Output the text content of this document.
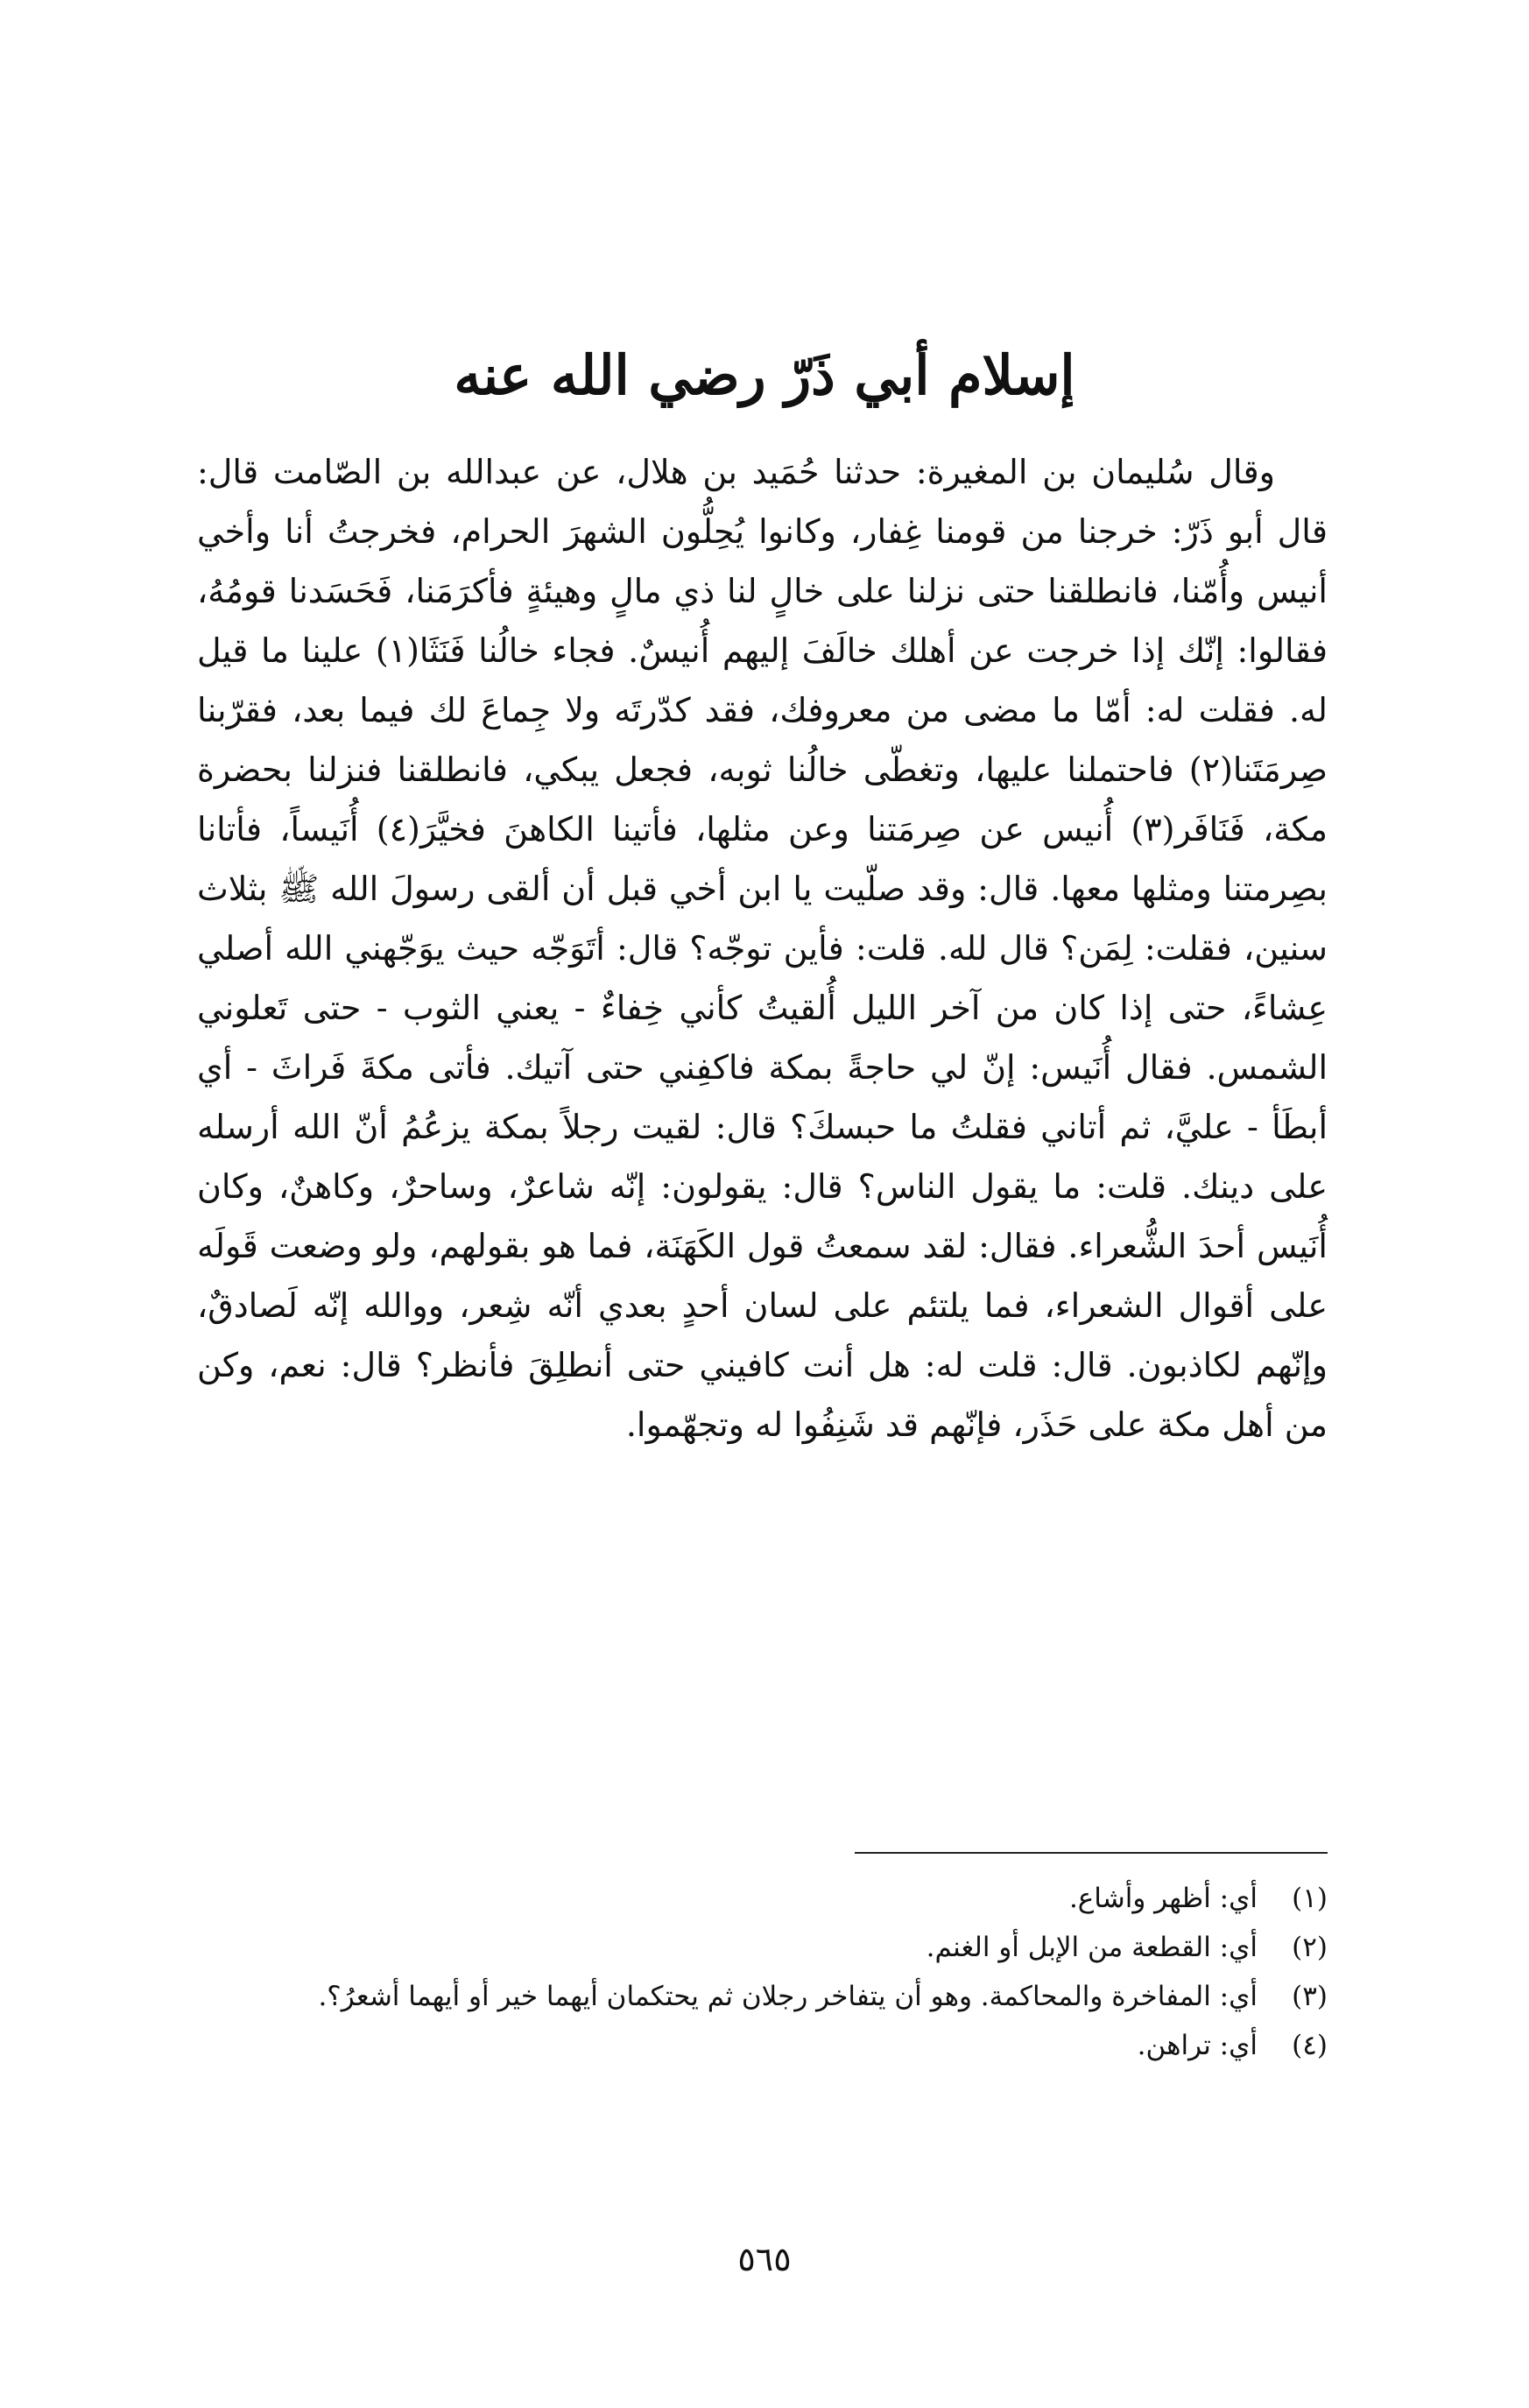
إسلام أبي ذَرّ رضي الله عنه

وقال سُليمان بن المغيرة: حدثنا حُمَيد بن هلال، عن عبدالله بن الصّامت قال: قال أبو ذَرّ: خرجنا من قومنا غِفار، وكانوا يُحِلُّون الشهرَ الحرام، فخرجتُ أنا وأخي أنيس وأُمّنا، فانطلقنا حتى نزلنا على خالٍ لنا ذي مالٍ وهيئةٍ فأكرَمَنا، فَحَسَدنا قومُهُ، فقالوا: إنّك إذا خرجت عن أهلك خالَفَ إليهم أُنيسٌ. فجاء خالُنا فَنَثَا(١) علينا ما قيل له. فقلت له: أمّا ما مضى من معروفك، فقد كدّرتَه ولا جِماعَ لك فيما بعد، فقرّبنا صِرمَتَنا(٢) فاحتملنا عليها، وتغطّى خالُنا ثوبه، فجعل يبكي، فانطلقنا فنزلنا بحضرة مكة، فَنَافَر(٣) أُنيس عن صِرمَتنا وعن مثلها، فأتينا الكاهنَ فخيَّرَ(٤) أُنَيساً، فأتانا بصِرمتنا ومثلها معها. قال: وقد صلّيت يا ابن أخي قبل أن ألقى رسولَ الله ﷺ بثلاث سنين، فقلت: لِمَن؟ قال لله. قلت: فأين توجّه؟ قال: أتَوَجّه حيث يوَجّهني الله أصلي عِشاءً، حتى إذا كان من آخر الليل أُلقيتُ كأني خِفاءٌ - يعني الثوب - حتى تَعلوني الشمس. فقال أُنَيس: إنّ لي حاجةً بمكة فاكفِني حتى آتيك. فأتى مكةَ فَراثَ - أي أبطَأ - عليَّ، ثم أتاني فقلتُ ما حبسكَ؟ قال: لقيت رجلاً بمكة يزعُمُ أنّ الله أرسله على دينك. قلت: ما يقول الناس؟ قال: يقولون: إنّه شاعرٌ، وساحرٌ، وكاهنٌ، وكان أُنَيس أحدَ الشُّعراء. فقال: لقد سمعتُ قول الكَهَنَة، فما هو بقولهم، ولو وضعت قَولَه على أقوال الشعراء، فما يلتئم على لسان أحدٍ بعدي أنّه شِعر، ووالله إنّه لَصادقٌ، وإنّهم لكاذبون. قال: قلت له: هل أنت كافيني حتى أنطلِقَ فأنظر؟ قال: نعم، وكن من أهل مكة على حَذَر، فإنّهم قد شَنِفُوا له وتجهّموا.

(١)
أي: أظهر وأشاع.
(٢)
أي: القطعة من الإبل أو الغنم.
(٣)
أي: المفاخرة والمحاكمة. وهو أن يتفاخر رجلان ثم يحتكمان أيهما خير أو أيهما أشعرُ؟.
(٤)
أي: تراهن.
٥٦٥
